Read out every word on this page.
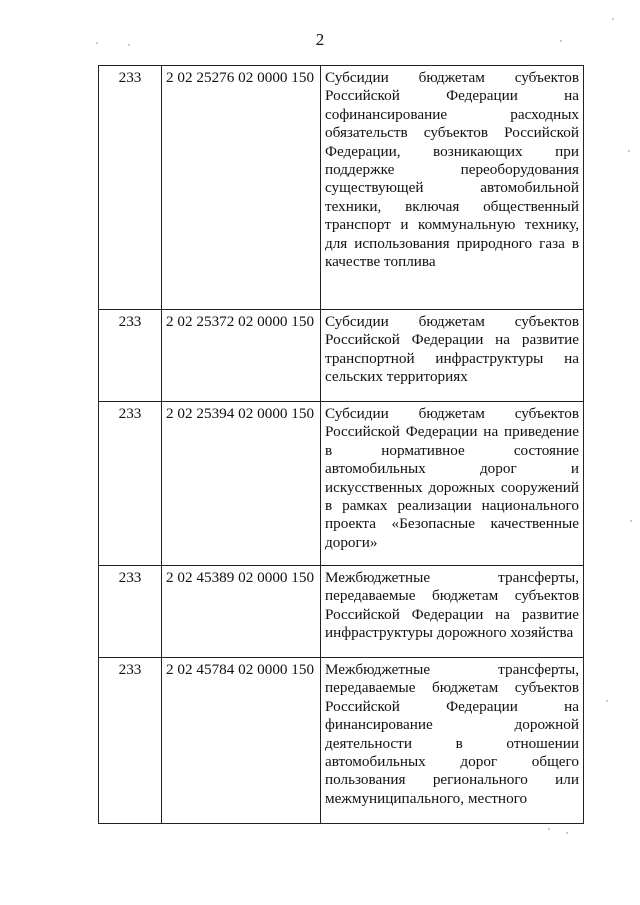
2
233	2 02 25276 02 0000 150	Субсидии бюджетам субъектов Российской Федерации на софинансирование расходных обязательств субъектов Российской Федерации, возникающих при поддержке переоборудования существующей автомобильной техники, включая общественный транспорт и коммунальную технику, для использования природного газа в качестве топлива
233	2 02 25372 02 0000 150	Субсидии бюджетам субъектов Российской Федерации на развитие транспортной инфраструктуры на сельских территориях
233	2 02 25394 02 0000 150	Субсидии бюджетам субъектов Российской Федерации на приведение в нормативное состояние автомобильных дорог и искусственных дорожных сооружений в рамках реализации национального проекта «Безопасные качественные дороги»
233	2 02 45389 02 0000 150	Межбюджетные трансферты, передаваемые бюджетам субъектов Российской Федерации на развитие инфраструктуры дорожного хозяйства
233	2 02 45784 02 0000 150	Межбюджетные трансферты, передаваемые бюджетам субъектов Российской Федерации на финансирование дорожной деятельности в отношении автомобильных дорог общего пользования регионального или межмуниципального, местного
